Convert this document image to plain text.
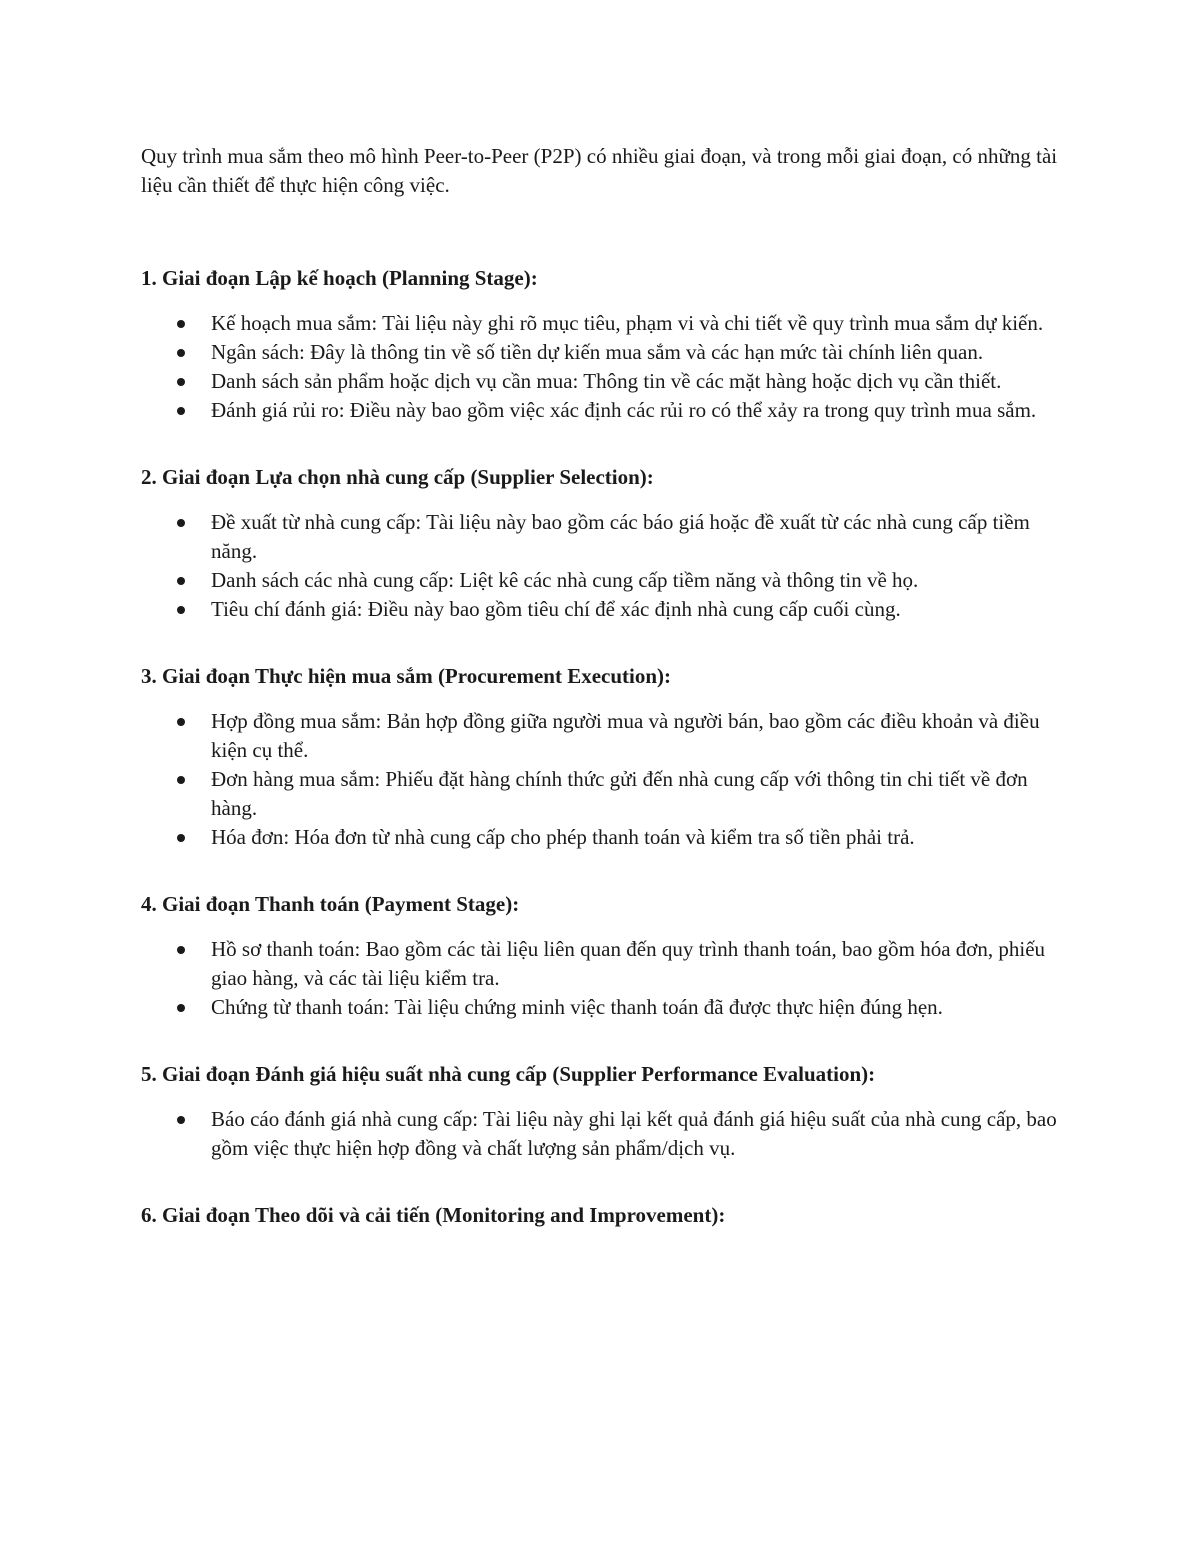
Quy trình mua sắm theo mô hình Peer-to-Peer (P2P) có nhiều giai đoạn, và trong mỗi giai đoạn, có những tài liệu cần thiết để thực hiện công việc.

1. Giai đoạn Lập kế hoạch (Planning Stage):
Kế hoạch mua sắm: Tài liệu này ghi rõ mục tiêu, phạm vi và chi tiết về quy trình mua sắm dự kiến.
Ngân sách: Đây là thông tin về số tiền dự kiến mua sắm và các hạn mức tài chính liên quan.
Danh sách sản phẩm hoặc dịch vụ cần mua: Thông tin về các mặt hàng hoặc dịch vụ cần thiết.
Đánh giá rủi ro: Điều này bao gồm việc xác định các rủi ro có thể xảy ra trong quy trình mua sắm.
2. Giai đoạn Lựa chọn nhà cung cấp (Supplier Selection):
Đề xuất từ nhà cung cấp: Tài liệu này bao gồm các báo giá hoặc đề xuất từ các nhà cung cấp tiềm năng.
Danh sách các nhà cung cấp: Liệt kê các nhà cung cấp tiềm năng và thông tin về họ.
Tiêu chí đánh giá: Điều này bao gồm tiêu chí để xác định nhà cung cấp cuối cùng.
3. Giai đoạn Thực hiện mua sắm (Procurement Execution):
Hợp đồng mua sắm: Bản hợp đồng giữa người mua và người bán, bao gồm các điều khoản và điều kiện cụ thể.
Đơn hàng mua sắm: Phiếu đặt hàng chính thức gửi đến nhà cung cấp với thông tin chi tiết về đơn hàng.
Hóa đơn: Hóa đơn từ nhà cung cấp cho phép thanh toán và kiểm tra số tiền phải trả.
4. Giai đoạn Thanh toán (Payment Stage):
Hồ sơ thanh toán: Bao gồm các tài liệu liên quan đến quy trình thanh toán, bao gồm hóa đơn, phiếu giao hàng, và các tài liệu kiểm tra.
Chứng từ thanh toán: Tài liệu chứng minh việc thanh toán đã được thực hiện đúng hẹn.
5. Giai đoạn Đánh giá hiệu suất nhà cung cấp (Supplier Performance Evaluation):
Báo cáo đánh giá nhà cung cấp: Tài liệu này ghi lại kết quả đánh giá hiệu suất của nhà cung cấp, bao gồm việc thực hiện hợp đồng và chất lượng sản phẩm/dịch vụ.
6. Giai đoạn Theo dõi và cải tiến (Monitoring and Improvement):
